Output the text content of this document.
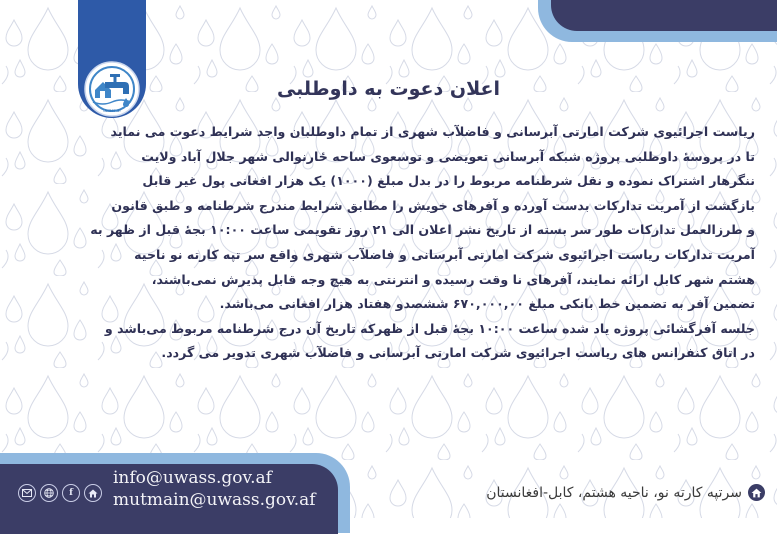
uwass.af
اعلان دعوت به داوطلبی
ریاست اجرائیوی شرکت امارتی آبرسانی و فاضلآب شهری از تمام داوطلبان واجد شرایط دعوت می نماید
تا در پروسهٔ داوطلبی پروژه شبکه آبرسانی تعویضی و توسعوی ساحه ځارنوالی شهر جلال آباد ولایت
ننگرهار اشتراک نموده و نقل شرطنامه مربوط را در بدل مبلغ (۱۰۰۰) یک هزار افغانی پول غیر قابل
بازگشت از آمریت تدارکات بدست آورده و آفرهای خویش را مطابق شرایط مندرج شرطنامه و طبق قانون
و طرزالعمل تدارکات طور سر بسته از تاریخ نشر اعلان الی ۲۱ روز تقویمی ساعت ۱۰:۰۰ بجهٔ قبل از ظهر به
آمریت تدارکات ریاست اجرائیوی شرکت امارتی آبرسانی و فاضلآب شهری واقع سر تپه کارته نو ناحیه
هشتم شهر کابل ارائه نمایند، آفرهای نا وقت رسیده و انترنتی به هیچ وجه قابل پذیرش نمی‌باشند،
تضمین آفر به تضمین خط بانکی مبلغ ۶۷۰,۰۰۰,۰۰ ششصدو هفتاد هزار افغانی می‌باشد.
جلسه آفرگشائی پروژه یاد شده ساعت ۱۰:۰۰ بجهٔ قبل از ظهرکه تاریخ آن درج شرطنامه مربوط می‌باشد و
در اتاق کنفرانس های ریاست اجرائیوی شرکت امارتی آبرسانی و فاضلآب شهری تدویر می گردد.
f
info@uwass.gov.af
mutmain@uwass.gov.af	سرتپه کارته نو، ناحیه هشتم، کابل-افغانستان
